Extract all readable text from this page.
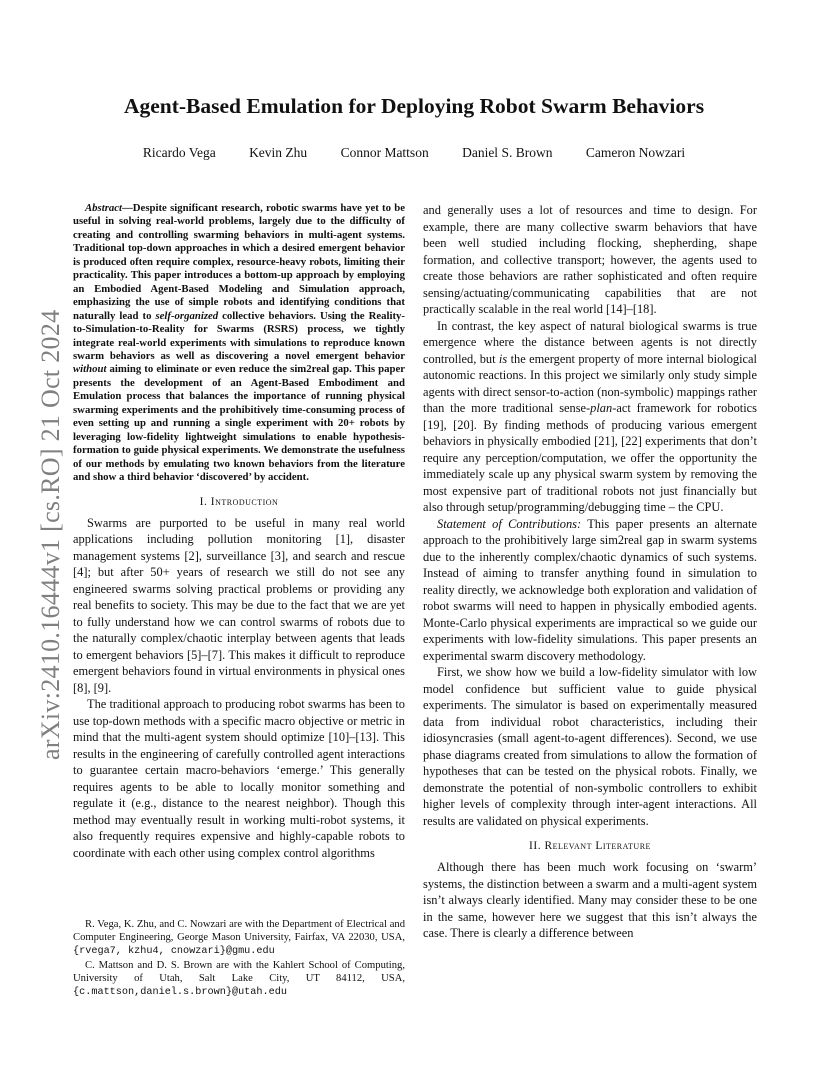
arXiv:2410.16444v1 [cs.RO] 21 Oct 2024
Agent-Based Emulation for Deploying Robot Swarm Behaviors
Ricardo Vega Kevin Zhu Connor Mattson Daniel S. Brown Cameron Nowzari

Abstract—Despite significant research, robotic swarms have yet to be useful in solving real-world problems, largely due to the difficulty of creating and controlling swarming behaviors in multi-agent systems. Traditional top-down approaches in which a desired emergent behavior is produced often require complex, resource-heavy robots, limiting their practicality. This paper introduces a bottom-up approach by employing an Embodied Agent-Based Modeling and Simulation approach, emphasizing the use of simple robots and identifying conditions that naturally lead to self-organized collective behaviors. Using the Reality-to-Simulation-to-Reality for Swarms (RSRS) process, we tightly integrate real-world experiments with simulations to reproduce known swarm behaviors as well as discovering a novel emergent behavior without aiming to eliminate or even reduce the sim2real gap. This paper presents the development of an Agent-Based Embodiment and Emulation process that balances the importance of running physical swarming experiments and the prohibitively time-consuming process of even setting up and running a single experiment with 20+ robots by leveraging low-fidelity lightweight simulations to enable hypothesis-formation to guide physical experiments. We demonstrate the usefulness of our methods by emulating two known behaviors from the literature and show a third behavior ‘discovered’ by accident.

I. Introduction

Swarms are purported to be useful in many real world applications including pollution monitoring [1], disaster management systems [2], surveillance [3], and search and rescue [4]; but after 50+ years of research we still do not see any engineered swarms solving practical problems or providing any real benefits to society. This may be due to the fact that we are yet to fully understand how we can control swarms of robots due to the naturally complex/chaotic interplay between agents that leads to emergent behaviors [5]–[7]. This makes it difficult to reproduce emergent behaviors found in virtual environments in physical ones [8], [9].

The traditional approach to producing robot swarms has been to use top-down methods with a specific macro objective or metric in mind that the multi-agent system should optimize [10]–[13]. This results in the engineering of carefully controlled agent interactions to guarantee certain macro-behaviors ‘emerge.’ This generally requires agents to be able to locally monitor something and regulate it (e.g., distance to the nearest neighbor). Though this method may eventually result in working multi-robot systems, it also frequently requires expensive and highly-capable robots to coordinate with each other using complex control algorithms

R. Vega, K. Zhu, and C. Nowzari are with the Department of Electrical and Computer Engineering, George Mason University, Fairfax, VA 22030, USA, {rvega7, kzhu4, cnowzari}@gmu.edu

C. Mattson and D. S. Brown are with the Kahlert School of Computing, University of Utah, Salt Lake City, UT 84112, USA, {c.mattson,daniel.s.brown}@utah.edu

and generally uses a lot of resources and time to design. For example, there are many collective swarm behaviors that have been well studied including flocking, shepherding, shape formation, and collective transport; however, the agents used to create those behaviors are rather sophisticated and often require sensing/actuating/communicating capabilities that are not practically scalable in the real world [14]–[18].

In contrast, the key aspect of natural biological swarms is true emergence where the distance between agents is not directly controlled, but is the emergent property of more internal biological autonomic reactions. In this project we similarly only study simple agents with direct sensor-to-action (non-symbolic) mappings rather than the more traditional sense-plan-act framework for robotics [19], [20]. By finding methods of producing various emergent behaviors in physically embodied [21], [22] experiments that don’t require any perception/computation, we offer the opportunity the immediately scale up any physical swarm system by removing the most expensive part of traditional robots not just financially but also through setup/programming/debugging time – the CPU.

Statement of Contributions: This paper presents an alternate approach to the prohibitively large sim2real gap in swarm systems due to the inherently complex/chaotic dynamics of such systems. Instead of aiming to transfer anything found in simulation to reality directly, we acknowledge both exploration and validation of robot swarms will need to happen in physically embodied agents. Monte-Carlo physical experiments are impractical so we guide our experiments with low-fidelity simulations. This paper presents an experimental swarm discovery methodology.

First, we show how we build a low-fidelity simulator with low model confidence but sufficient value to guide physical experiments. The simulator is based on experimentally measured data from individual robot characteristics, including their idiosyncrasies (small agent-to-agent differences). Second, we use phase diagrams created from simulations to allow the formation of hypotheses that can be tested on the physical robots. Finally, we demonstrate the potential of non-symbolic controllers to exhibit higher levels of complexity through inter-agent interactions. All results are validated on physical experiments.

II. Relevant Literature

Although there has been much work focusing on ‘swarm’ systems, the distinction between a swarm and a multi-agent system isn’t always clearly identified. Many may consider these to be one in the same, however here we suggest that this isn’t always the case. There is clearly a difference between
